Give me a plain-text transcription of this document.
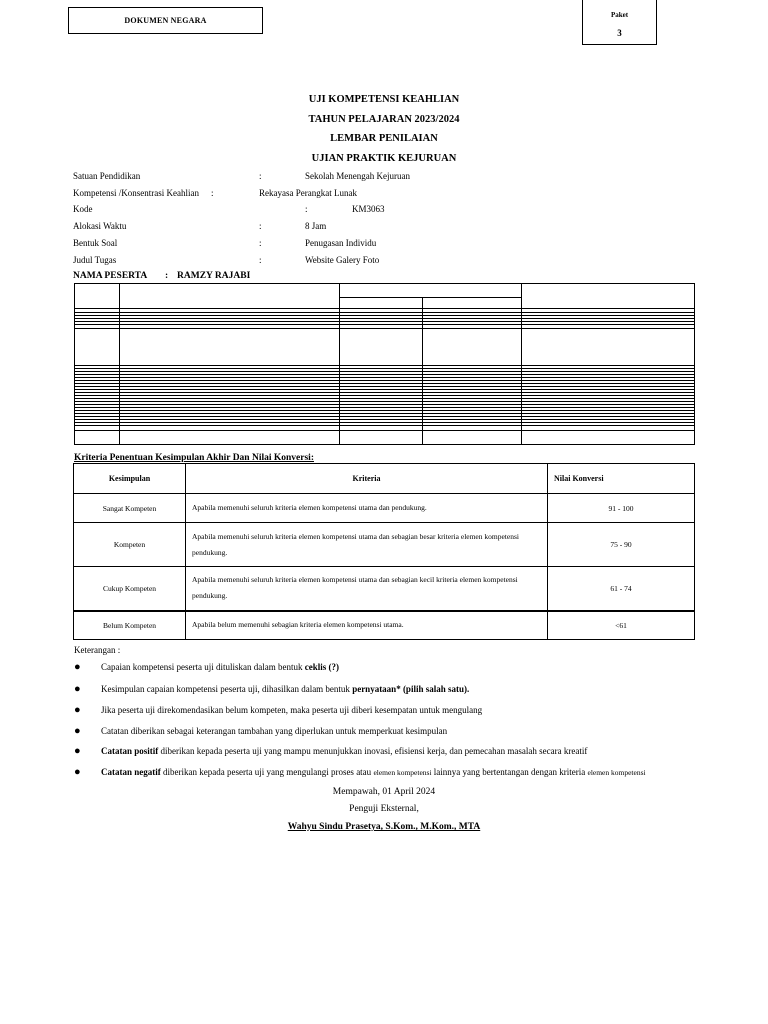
DOKUMEN NEGARA
Paket
3
UJI KOMPETENSI KEAHLIAN
TAHUN PELAJARAN 2023/2024
LEMBAR PENILAIAN
UJIAN PRAKTIK KEJURUAN
Satuan Pendidikan	:	Sekolah Menengah Kejuruan
Kompetensi /Konsentrasi Keahlian :	Rekayasa Perangkat Lunak
Kode	:	KM3063
Alokasi Waktu	:	8 Jam
Bentuk Soal	:	Penugasan Individu
Judul Tugas	:	Website Galery Foto
NAMA PESERTA : RAMZY RAJABI
Kriteria Penentuan Kesimpulan Akhir Dan Nilai Konversi:
Kesimpulan	Kriteria	Nilai Konversi
Sangat Kompeten	Apabila memenuhi seluruh kriteria elemen kompetensi utama dan pendukung.	91 - 100
Kompeten	Apabila memenuhi seluruh kriteria elemen kompetensi utama dan sebagian besar kriteria elemen kompetensi pendukung.	75 - 90
Cukup Kompeten	Apabila memenuhi seluruh kriteria elemen kompetensi utama dan sebagian kecil kriteria elemen kompetensi pendukung.	61 - 74
Belum Kompeten	Apabila belum memenuhi sebagian kriteria elemen kompetensi utama.	<61
Keterangan :
● Capaian kompetensi peserta uji dituliskan dalam bentuk ceklis (?)
● Kesimpulan capaian kompetensi peserta uji, dihasilkan dalam bentuk pernyataan* (pilih salah satu).
● Jika peserta uji direkomendasikan belum kompeten, maka peserta uji diberi kesempatan untuk mengulang
● Catatan diberikan sebagai keterangan tambahan yang diperlukan untuk memperkuat kesimpulan
● Catatan positif diberikan kepada peserta uji yang mampu menunjukkan inovasi, efisiensi kerja, dan pemecahan masalah secara kreatif
● Catatan negatif diberikan kepada peserta uji yang mengulangi proses atau elemen kompetensi lainnya yang bertentangan dengan kriteria elemen kompetensi
Mempawah, 01 April 2024
Penguji Eksternal,
Wahyu Sindu Prasetya, S.Kom., M.Kom., MTA
